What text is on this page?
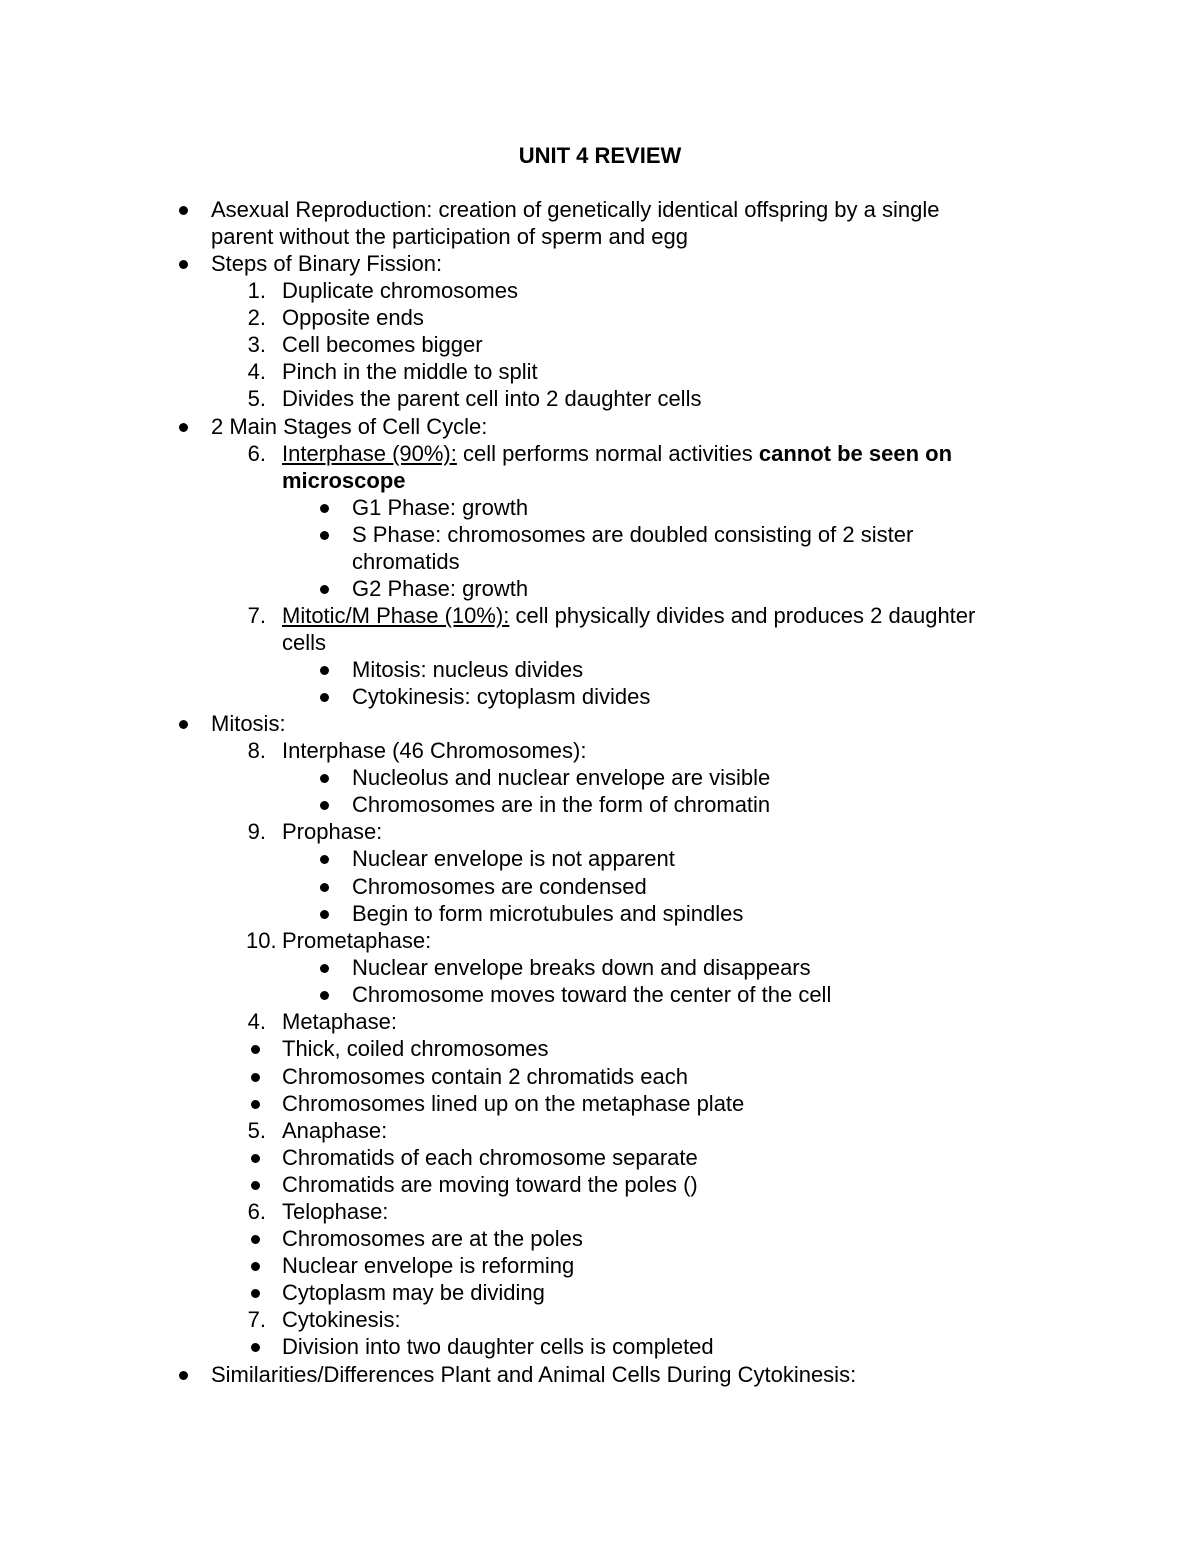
UNIT 4 REVIEW
Asexual Reproduction: creation of genetically identical offspring by a single
parent without the participation of sperm and egg
Steps of Binary Fission:
1. Duplicate chromosomes
2. Opposite ends
3. Cell becomes bigger
4. Pinch in the middle to split
5. Divides the parent cell into 2 daughter cells
2 Main Stages of Cell Cycle:
6. Interphase (90%): cell performs normal activities cannot be seen on
microscope
G1 Phase: growth
S Phase: chromosomes are doubled consisting of 2 sister
chromatids
G2 Phase: growth
7. Mitotic/M Phase (10%): cell physically divides and produces 2 daughter
cells
Mitosis: nucleus divides
Cytokinesis: cytoplasm divides
Mitosis:
8. Interphase (46 Chromosomes):
Nucleolus and nuclear envelope are visible
Chromosomes are in the form of chromatin
9. Prophase:
Nuclear envelope is not apparent
Chromosomes are condensed
Begin to form microtubules and spindles
10. Prometaphase:
Nuclear envelope breaks down and disappears
Chromosome moves toward the center of the cell
4. Metaphase:
Thick, coiled chromosomes
Chromosomes contain 2 chromatids each
Chromosomes lined up on the metaphase plate
5. Anaphase:
Chromatids of each chromosome separate
Chromatids are moving toward the poles ()
6. Telophase:
Chromosomes are at the poles
Nuclear envelope is reforming
Cytoplasm may be dividing
7. Cytokinesis:
Division into two daughter cells is completed
Similarities/Differences Plant and Animal Cells During Cytokinesis:
